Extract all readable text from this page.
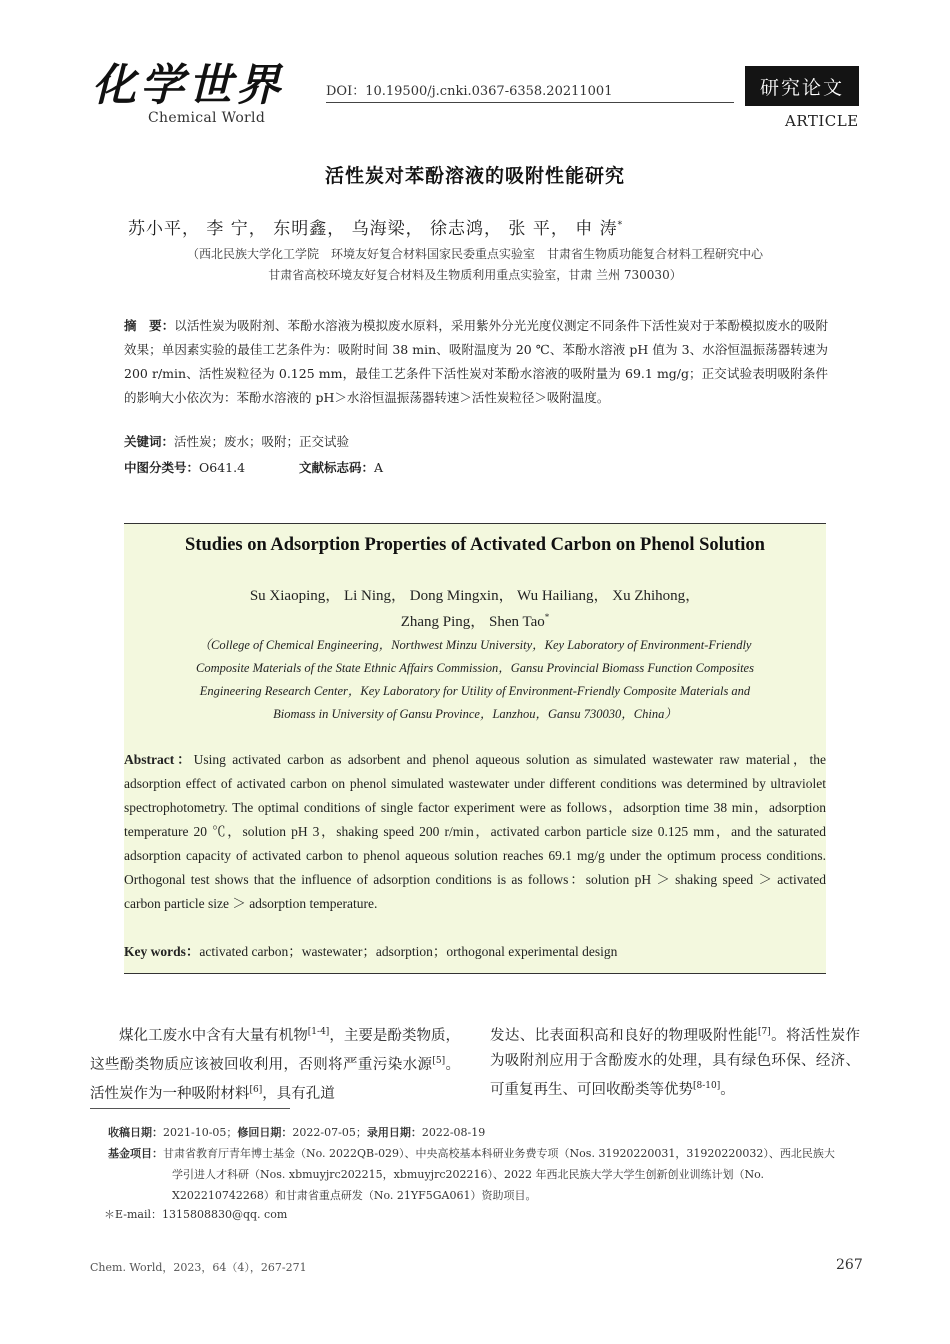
化学世界
Chemical World
DOI：10.19500/j.cnki.0367-6358.20211001	研究论文
ARTICLE
活性炭对苯酚溶液的吸附性能研究
苏小平， 李 宁， 东明鑫， 乌海梁， 徐志鸿， 张 平， 申 涛*
（西北民族大学化工学院　环境友好复合材料国家民委重点实验室　甘肃省生物质功能复合材料工程研究中心
甘肃省高校环境友好复合材料及生物质利用重点实验室，甘肃 兰州 730030）
摘　要：以活性炭为吸附剂、苯酚水溶液为模拟废水原料，采用紫外分光光度仪测定不同条件下活性炭对于苯酚模拟废水的吸附效果；单因素实验的最佳工艺条件为：吸附时间 38 min、吸附温度为 20 ℃、苯酚水溶液 pH 值为 3、水浴恒温振荡器转速为 200 r/min、活性炭粒径为 0.125 mm，最佳工艺条件下活性炭对苯酚水溶液的吸附量为 69.1 mg/g；正交试验表明吸附条件的影响大小依次为：苯酚水溶液的 pH＞水浴恒温振荡器转速＞活性炭粒径＞吸附温度。
关键词：活性炭；废水；吸附；正交试验
中图分类号：O641.4	文献标志码：A
Studies on Adsorption Properties of Activated Carbon on Phenol Solution
Su Xiaoping， Li Ning， Dong Mingxin， Wu Hailiang， Xu Zhihong，
Zhang Ping， Shen Tao*
（College of Chemical Engineering，Northwest Minzu University，Key Laboratory of Environment-Friendly
Composite Materials of the State Ethnic Affairs Commission，Gansu Provincial Biomass Function Composites
Engineering Research Center，Key Laboratory for Utility of Environment-Friendly Composite Materials and
Biomass in University of Gansu Province，Lanzhou，Gansu 730030，China）
Abstract：Using activated carbon as adsorbent and phenol aqueous solution as simulated wastewater raw material，the adsorption effect of activated carbon on phenol simulated wastewater under different conditions was determined by ultraviolet spectrophotometry. The optimal conditions of single factor experiment were as follows，adsorption time 38 min，adsorption temperature 20 ℃，solution pH 3，shaking speed 200 r/min，activated carbon particle size 0.125 mm，and the saturated adsorption capacity of activated carbon to phenol aqueous solution reaches 69.1 mg/g under the optimum process conditions. Orthogonal test shows that the influence of adsorption conditions is as follows：solution pH ＞ shaking speed ＞ activated carbon particle size ＞ adsorption temperature.
Key words：activated carbon；wastewater；adsorption；orthogonal experimental design
煤化工废水中含有大量有机物[1-4]，主要是酚类物质，这些酚类物质应该被回收利用，否则将严重污染水源[5]。活性炭作为一种吸附材料[6]，具有孔道
发达、比表面积高和良好的物理吸附性能[7]。将活性炭作为吸附剂应用于含酚废水的处理，具有绿色环保、经济、可重复再生、可回收酚类等优势[8-10]。
收稿日期：2021-10-05；修回日期：2022-07-05；录用日期：2022-08-19
基金项目：甘肃省教育厅青年博士基金（No. 2022QB-029）、中央高校基本科研业务费专项（Nos. 31920220031，31920220032）、西北民族大
学引进人才科研（Nos. xbmuyjrc202215，xbmuyjrc202216）、2022 年西北民族大学大学生创新创业训练计划（No.
X202210742268）和甘肃省重点研发（No. 21YF5GA061）资助项目。
＊E-mail：1315808830@qq. com
Chem. World，2023，64（4），267-271	267
